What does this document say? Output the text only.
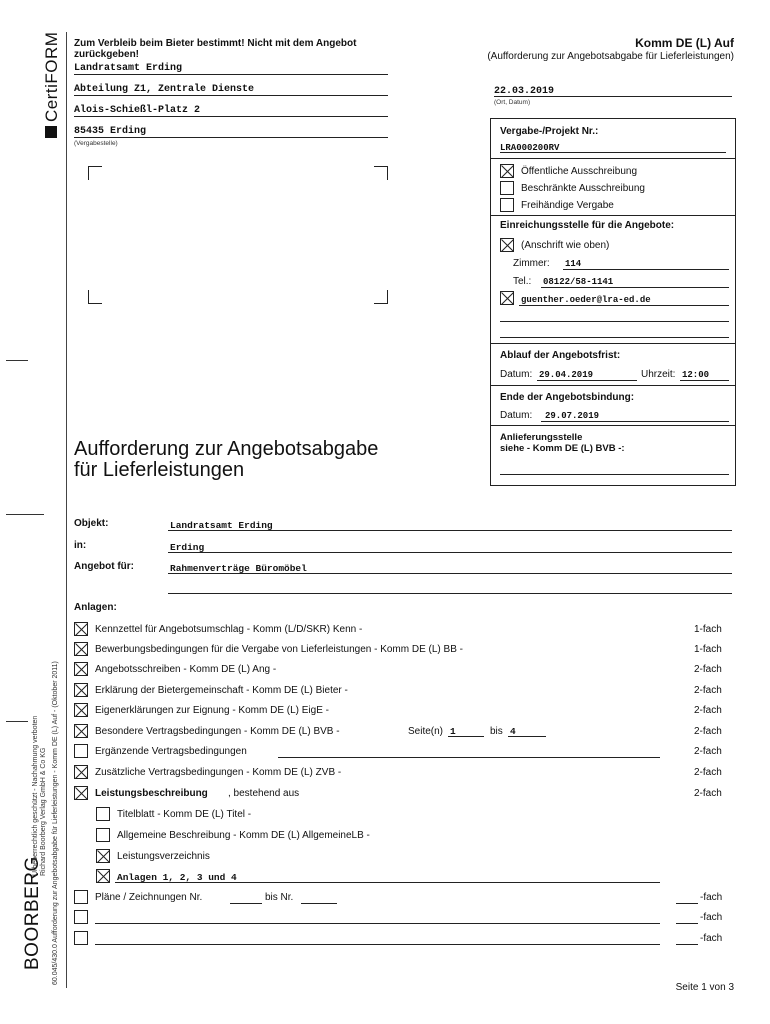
CertiFORM
BOORBERG
Urheberrechtlich geschützt - Nachahmung verboten Richard Boorberg Verlag GmbH & Co KG 60.045/430.0 Aufforderung zur Angebotsabgabe für Lieferleistungen - Komm DE (L) Auf - (Oktober 2011)
Zum Verbleib beim Bieter bestimmt! Nicht mit dem Angebot
zurückgeben!
Komm DE (L) Auf
(Aufforderung zur Angebotsabgabe für Lieferleistungen)
Landratsamt Erding
Abteilung Z1, Zentrale Dienste
Alois-Schießl-Platz 2
85435 Erding
(Vergabestelle)
22.03.2019
(Ort, Datum)
Vergabe-/Projekt Nr.:
LRA000200RV
Öffentliche Ausschreibung
Beschränkte Ausschreibung
Freihändige Vergabe
Einreichungsstelle für die Angebote:
(Anschrift wie oben)
Zimmer: 114
Tel.: 08122/58-1141
guenther.oeder@lra-ed.de
Ablauf der Angebotsfrist:
Datum: 29.04.2019	Uhrzeit: 12:00
Ende der Angebotsbindung:
Datum: 29.07.2019
Anlieferungsstelle
siehe - Komm DE (L) BVB -:
Aufforderung zur Angebotsabgabe
für Lieferleistungen
Objekt:	Landratsamt Erding
in:	Erding
Angebot für:	Rahmenverträge Büromöbel
Anlagen:
Kennzettel für Angebotsumschlag - Komm (L/D/SKR) Kenn -	1-fach
Bewerbungsbedingungen für die Vergabe von Lieferleistungen - Komm DE (L) BB -	1-fach
Angebotsschreiben - Komm DE (L) Ang -	2-fach
Erklärung der Bietergemeinschaft - Komm DE (L) Bieter -	2-fach
Eigenerklärungen zur Eignung - Komm DE (L) EigE -	2-fach
Besondere Vertragsbedingungen - Komm DE (L) BVB -	Seite(n) 1	bis 4	2-fach
Ergänzende Vertragsbedingungen	2-fach
Zusätzliche Vertragsbedingungen - Komm DE (L) ZVB -	2-fach
Leistungsbeschreibung , bestehend aus	2-fach
Titelblatt - Komm DE (L) Titel -
Allgemeine Beschreibung - Komm DE (L) AllgemeineLB -
Leistungsverzeichnis
Anlagen 1, 2, 3 und 4
Pläne / Zeichnungen Nr.	bis Nr.	-fach
-fach
-fach
Seite 1 von 3
